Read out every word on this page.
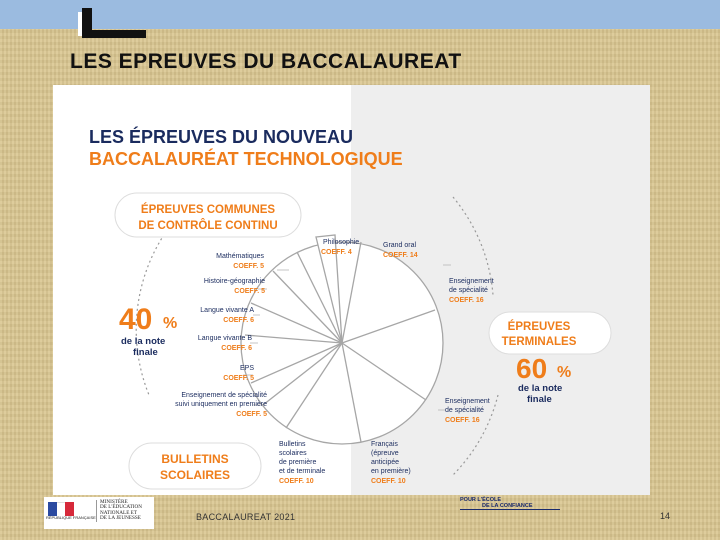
LES EPREUVES DU BACCALAUREAT
LES ÉPREUVES DU NOUVEAU
BACCALAURÉAT TECHNOLOGIQUE
ÉPREUVES COMMUNES
DE CONTRÔLE CONTINU
Mathématiques
COEFF. 5
Histoire-géographie
COEFF. 5
Langue vivante A
COEFF. 6
Langue vivante B
COEFF. 6
EPS
COEFF. 5
Enseignement de spécialité
suivi uniquement en première
COEFF. 5
40 %
de la note
finale
BULLETINS
SCOLAIRES
Bulletins
scolaires
de première
et de terminale
COEFF. 10
Philosophie
COEFF. 4
Grand oral
COEFF. 14
Enseignement
de spécialité
COEFF. 16
Enseignement
de spécialité
COEFF. 16
Français
(épreuve
anticipée
en première)
COEFF. 10
ÉPREUVES
TERMINALES
60 %
de la note
finale
RÉPUBLIQUE FRANÇAISE
MINISTÈRE
DE L'ÉDUCATION
NATIONALE ET
DE LA JEUNESSE	BACCALAUREAT 2021
POUR L'ÉCOLE
DE LA CONFIANCE
14
